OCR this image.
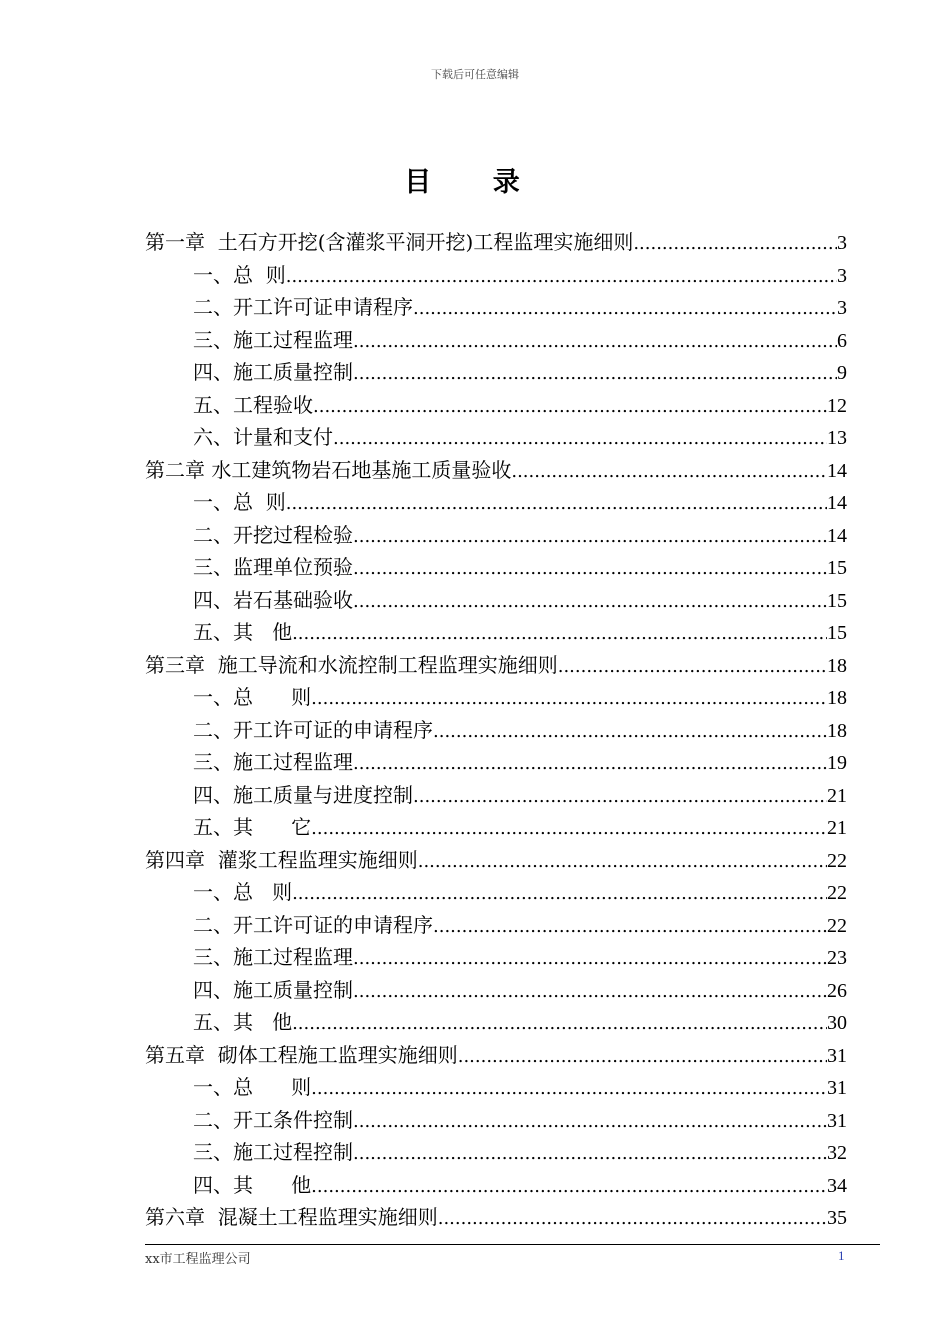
下载后可任意编辑
目 录
第一章  土石方开挖(含灌浆平洞开挖)工程监理实施细则 .....	3
一、总  则 .....	3
二、开工许可证申请程序 .....	3
三、施工过程监理 .....	6
四、施工质量控制 .....	9
五、工程验收 .....	12
六、计量和支付 .....	13
第二章 水工建筑物岩石地基施工质量验收 .....	14
一、总  则 .....	14
二、开挖过程检验 .....	14
三、监理单位预验 .....	15
四、岩石基础验收 .....	15
五、其   他 .....	15
第三章  施工导流和水流控制工程监理实施细则 .....	18
一、总      则 .....	18
二、开工许可证的申请程序 .....	18
三、施工过程监理 .....	19
四、施工质量与进度控制 .....	21
五、其      它 .....	21
第四章  灌浆工程监理实施细则 .....	22
一、总   则 .....	22
二、开工许可证的申请程序 .....	22
三、施工过程监理 .....	23
四、施工质量控制 .....	26
五、其   他 .....	30
第五章  砌体工程施工监理实施细则 .....	31
一、总      则 .....	31
二、开工条件控制 .....	31
三、施工过程控制 .....	32
四、其      他 .....	34
第六章  混凝土工程监理实施细则 .....	35
xx市工程监理公司	1
